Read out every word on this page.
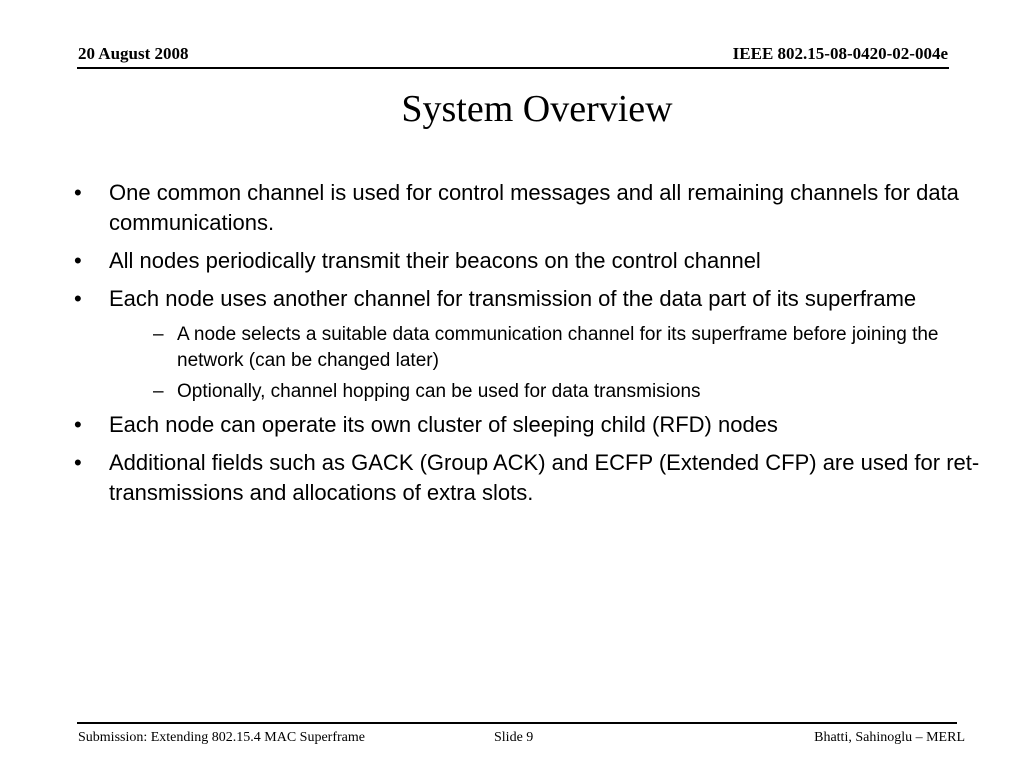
20 August 2008	IEEE 802.15-08-0420-02-004e
System Overview
• One common channel is used for control messages and all remaining channels for data communications.
• All nodes periodically transmit their beacons on the control channel
• Each node uses another channel for transmission of the data part of its superframe
– A node selects a suitable data communication channel for its superframe before joining the network (can be changed later)
– Optionally, channel hopping can be used for data transmisions
• Each node can operate its own cluster of sleeping child (RFD) nodes
• Additional fields such as GACK (Group ACK) and ECFP (Extended CFP) are used for ret-transmissions and allocations of extra slots.
Submission: Extending 802.15.4 MAC Superframe	Slide 9	Bhatti, Sahinoglu – MERL
